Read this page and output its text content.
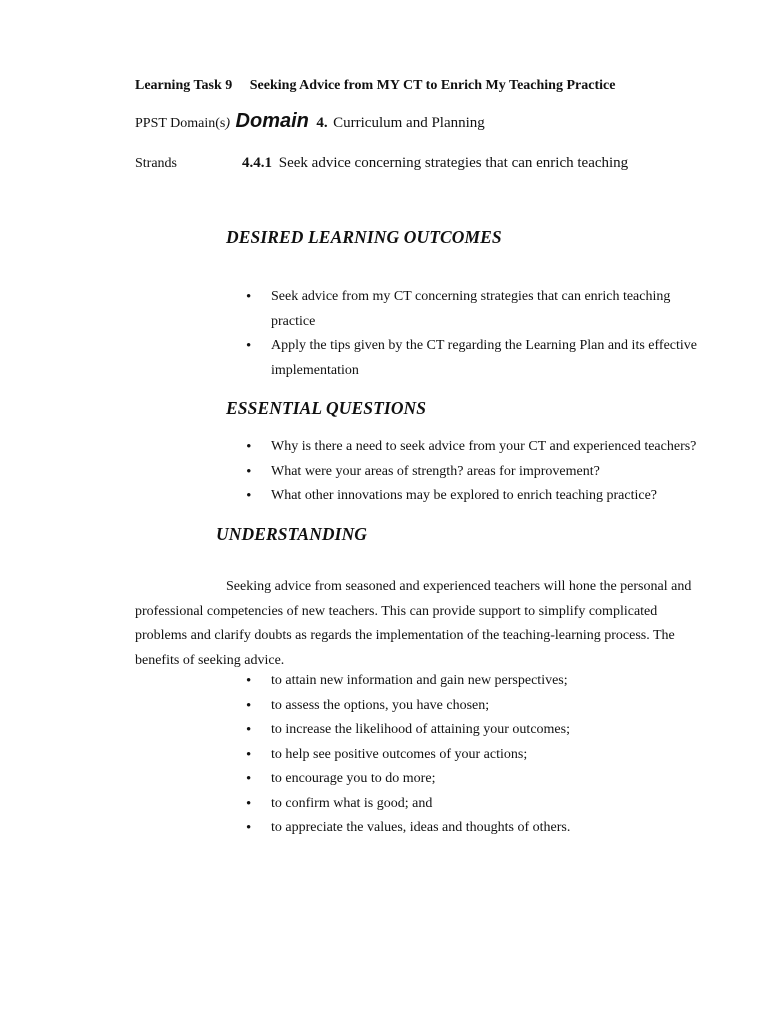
Learning Task 9 Seeking Advice from MY CT to Enrich My Teaching Practice
PPST Domain(s) Domain 4. Curriculum and Planning
Strands	4.4.1 Seek advice concerning strategies that can enrich teaching
DESIRED LEARNING OUTCOMES
• Seek advice from my CT concerning strategies that can enrich teaching practice
• Apply the tips given by the CT regarding the Learning Plan and its effective implementation
ESSENTIAL QUESTIONS
• Why is there a need to seek advice from your CT and experienced teachers?
• What were your areas of strength? areas for improvement?
• What other innovations may be explored to enrich teaching practice?
UNDERSTANDING

Seeking advice from seasoned and experienced teachers will hone the personal and professional competencies of new teachers. This can provide support to simplify complicated problems and clarify doubts as regards the implementation of the teaching-learning process. The benefits of seeking advice.

• to attain new information and gain new perspectives;
• to assess the options, you have chosen;
• to increase the likelihood of attaining your outcomes;
• to help see positive outcomes of your actions;
• to encourage you to do more;
• to confirm what is good; and
• to appreciate the values, ideas and thoughts of others.
